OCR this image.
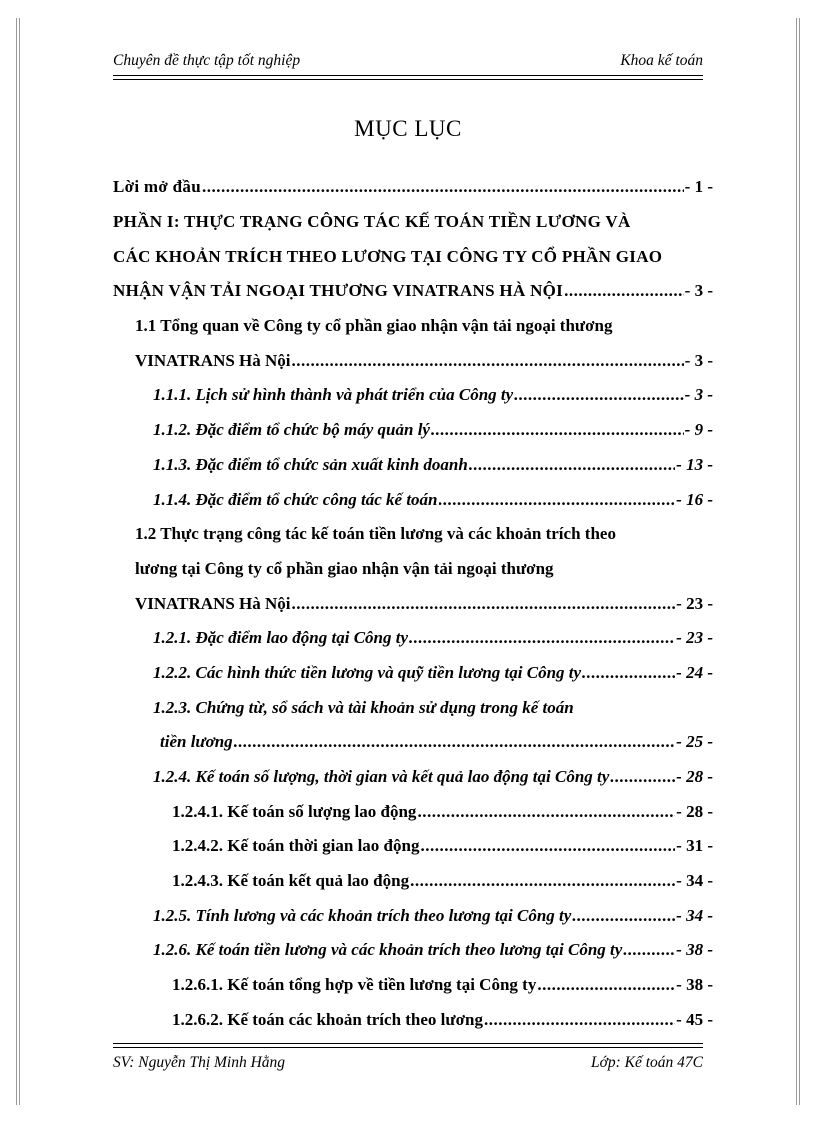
Chuyên đề thực tập tốt nghiệp	Khoa kế toán
MỤC LỤC
Lời mở đầu .....	- 1 -
PHẦN I: THỰC TRẠNG CÔNG TÁC KẾ TOÁN TIỀN LƯƠNG VÀ
CÁC KHOẢN TRÍCH THEO LƯƠNG TẠI CÔNG TY CỔ PHẦN GIAO
NHẬN VẬN TẢI NGOẠI THƯƠNG VINATRANS HÀ NỘI .....	- 3 -
1.1 Tổng quan về Công ty cổ phần giao nhận vận tải ngoại thương
VINATRANS Hà Nội .....	- 3 -
1.1.1. Lịch sử hình thành và phát triển của Công ty .....	- 3 -
1.1.2. Đặc điểm tổ chức bộ máy quản lý .....	- 9 -
1.1.3. Đặc điểm tổ chức sản xuất kinh doanh .....	- 13 -
1.1.4. Đặc điểm tổ chức công tác kế toán .....	- 16 -
1.2 Thực trạng công tác kế toán tiền lương và các khoản trích theo
lương tại Công ty cổ phần giao nhận vận tải ngoại thương
VINATRANS Hà Nội .....	- 23 -
1.2.1. Đặc điểm lao động tại Công ty .....	- 23 -
1.2.2. Các hình thức tiền lương và quỹ tiền lương tại Công ty .....	- 24 -
1.2.3. Chứng từ, sổ sách và tài khoản sử dụng trong kế toán
tiền lương .....	- 25 -
1.2.4. Kế toán số lượng, thời gian và kết quả lao động tại Công ty .....	- 28 -
1.2.4.1. Kế toán số lượng lao động .....	- 28 -
1.2.4.2. Kế toán thời gian lao động .....	- 31 -
1.2.4.3. Kế toán kết quả lao động .....	- 34 -
1.2.5. Tính lương và các khoản trích theo lương tại Công ty .....	- 34 -
1.2.6. Kế toán tiền lương và các khoản trích theo lương tại Công ty .....	- 38 -
1.2.6.1. Kế toán tổng hợp về tiền lương tại Công ty .....	- 38 -
1.2.6.2. Kế toán các khoản trích theo lương .....	- 45 -
SV: Nguyễn Thị Minh Hằng	Lớp: Kế toán 47C
